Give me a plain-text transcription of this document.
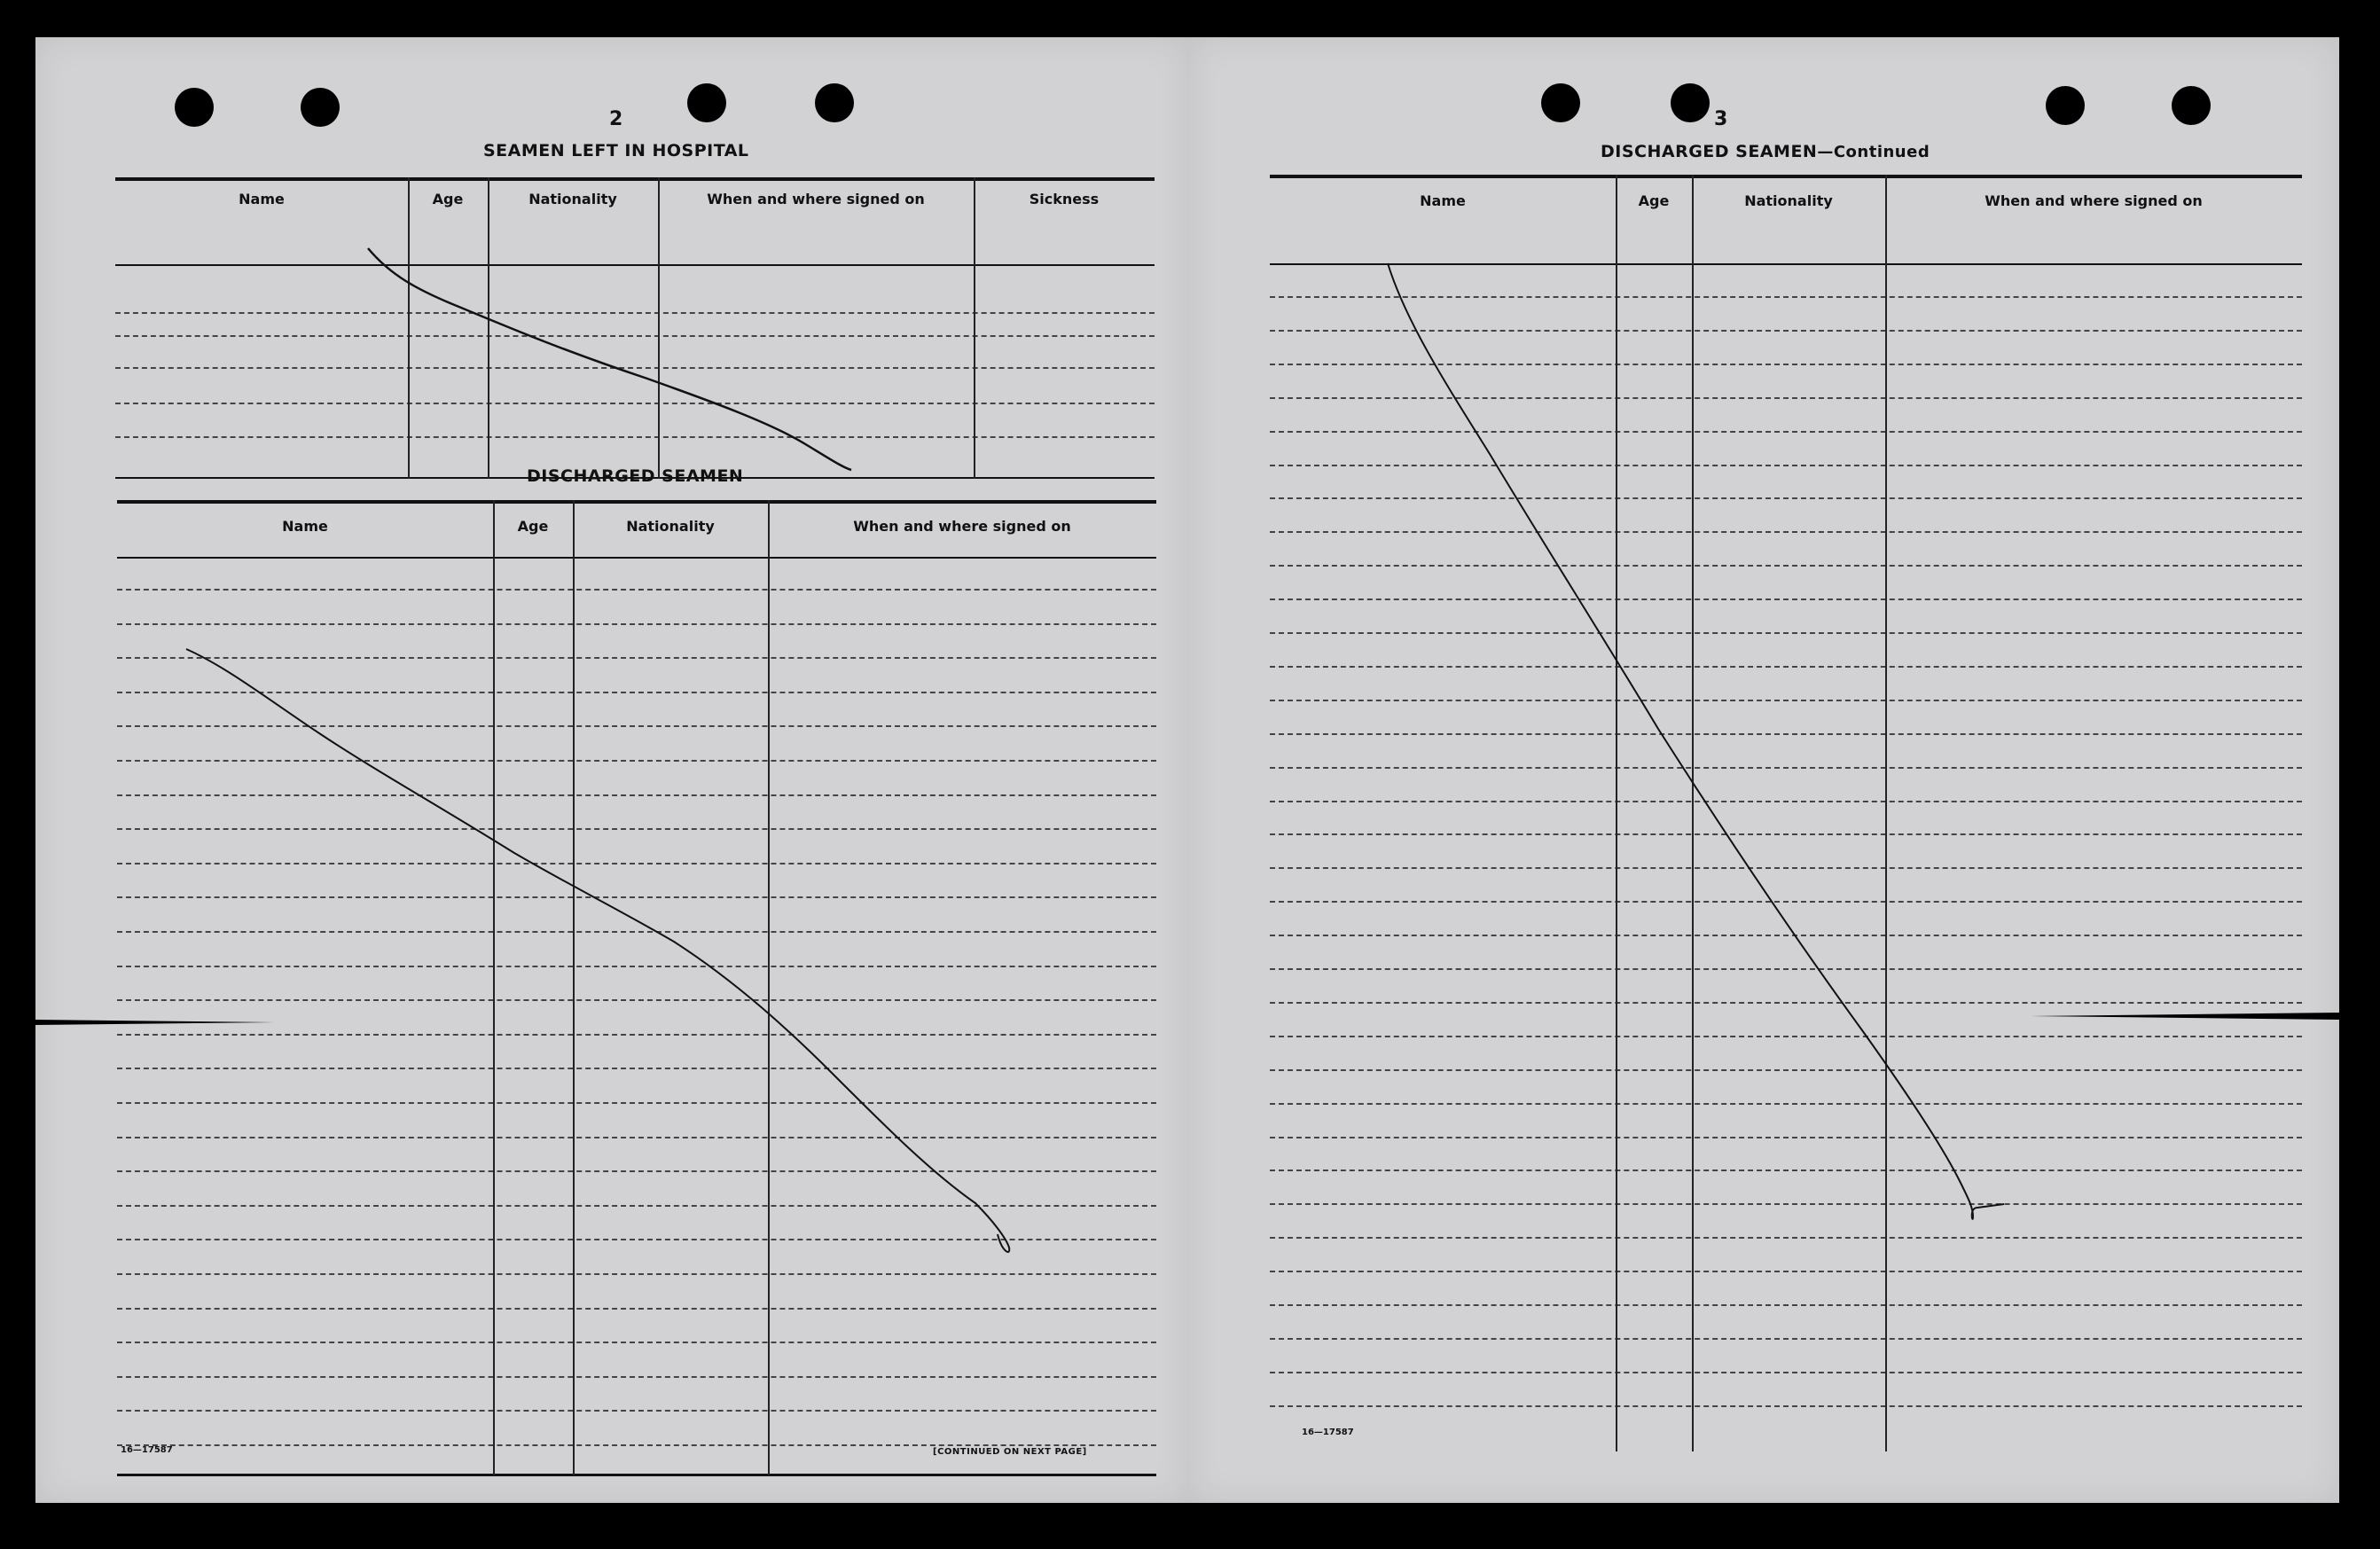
2
SEAMEN LEFT IN HOSPITAL
Name	Age	Nationality	When and where signed on	Sickness
DISCHARGED SEAMEN
Name	Age	Nationality	When and where signed on
16—17587	[CONTINUED ON NEXT PAGE]
3
DISCHARGED SEAMEN—Continued
Name	Age	Nationality	When and where signed on
16—17587
